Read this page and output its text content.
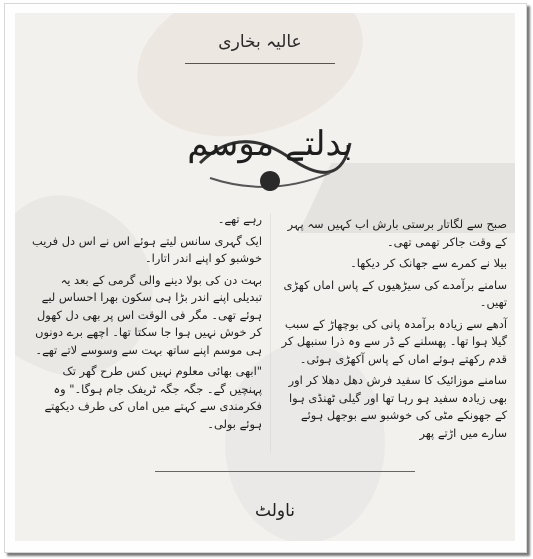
عالیہ بخاری
بدلتے موسم

صبح سے لگاتار برستی بارش اب کہیں سہ پہر کے وقت جاکر تھمی تھی۔

بیلا نے کمرے سے جھانک کر دیکھا۔

سامنے برآمدے کی سیڑھیوں کے پاس اماں کھڑی تھیں۔

آدھے سے زیادہ برآمدہ پانی کی بوچھاڑ کے سبب گیلا ہوا تھا۔ پھسلنے کے ڈر سے وہ ذرا سنبھل کر قدم رکھتے ہوئے اماں کے پاس آکھڑی ہوئی۔

سامنے موزائیک کا سفید فرش دھل دھلا کر اور بھی زیادہ سفید ہو رہا تھا اور گیلی ٹھنڈی ہوا کے جھونکے مٹی کی خوشبو سے بوجھل ہوئے سارے میں اڑتے پھر

رہے تھے۔

ایک گہری سانس لیتے ہوئے اس نے اس دل فریب خوشبو کو اپنے اندر اتارا۔

بہت دن کی بولا دینے والی گرمی کے بعد یہ تبدیلی اپنے اندر بڑا ہی سکون بھرا احساس لیے ہوئے تھی۔ مگر فی الوقت اس پر بھی دل کھول کر خوش نہیں ہوا جا سکتا تھا۔ اچھے برے دونوں ہی موسم اپنے ساتھ بہت سے وسوسے لاتے تھے۔

"ابھی بھائی معلوم نہیں کس طرح گھر تک پہنچیں گے۔ جگہ جگہ ٹریفک جام ہوگا۔" وہ فکرمندی سے کہتے میں اماں کی طرف دیکھتے ہوئے بولی۔

ناولٹ
